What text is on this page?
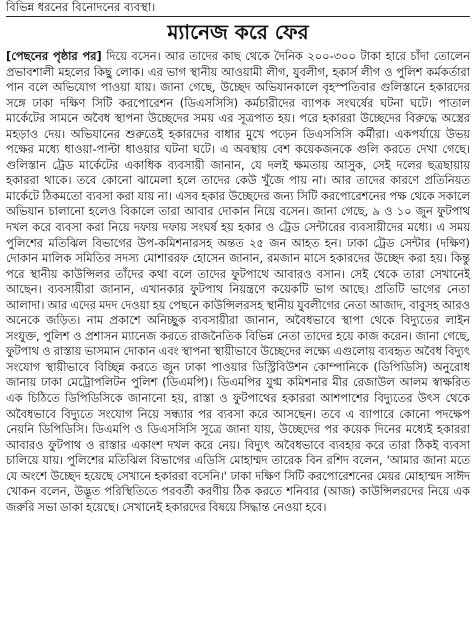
বিভিন্ন ধরনের বিনোদনের ব্যবস্থা।

ম্যানেজ করে ফের

[পেছনের পৃষ্ঠার পর] দিয়ে বসেন। আর তাদের কাছ থেকে দৈনিক ২০০-৩০০ টাকা হারে চাঁদা তোলেন প্রভাবশালী মহলের কিছু লোক। এর ভাগ স্থানীয় আওয়ামী লীগ, যুবলীগ, হকার্স লীগ ও পুলিশ কর্মকর্তারা পান বলে অভিযোগ পাওয়া যায়। জানা গেছে, উচ্ছেদ অভিযানকালে বৃহস্পতিবার গুলিস্তানে হকারদের সঙ্গে ঢাকা দক্ষিণ সিটি করপোরেশন (ডিএসসিসি) কর্মচারীদের ব্যাপক সংঘর্ষের ঘটনা ঘটে। পাতাল মার্কেটের সামনে অবৈধ স্থাপনা উচ্ছেদের সময় এর সূত্রপাত হয়। পরে হকাররা উচ্ছেদের বিরুদ্ধে অস্ত্রের মহড়াও দেয়। অভিযানের শুরুতেই হকারদের বাধার মুখে পড়েন ডিএসসিসি কর্মীরা। একপর্যায়ে উভয় পক্ষের মধ্যে ধাওয়া-পাল্টা ধাওয়ার ঘটনা ঘটে। এ অবস্থায় বেশ কয়েকজনকে গুলি করতে দেখা গেছে। গুলিস্তান ট্রেড মার্কেটের একাধিক ব্যবসায়ী জানান, যে দলই ক্ষমতায় আসুক, সেই দলের ছত্রছায়ায় হকাররা থাকে। তবে কোনো ঝামেলা হলে তাদের কেউ খুঁজে পায় না। আর তাদের কারণে প্রতিনিয়ত মার্কেটে ঠিকমতো ব্যবসা করা যায় না। এসব হকার উচ্ছেদের জন্য সিটি করপোরেশনের পক্ষ থেকে সকালে অভিযান চালানো হলেও বিকালে তারা আবার দোকান নিয়ে বসেন। জানা গেছে, ৯ ও ১০ জুন ফুটপাথ দখল করে ব্যবসা করা নিয়ে দফায় দফায় সংঘর্ষ হয় হকার ও ট্রেড সেন্টারের ব্যবসায়ীদের মধ্যে। এ সময় পুলিশের মতিঝিল বিভাগের উপ-কমিশনারসহ অন্তত ২৫ জন আহত হন। ঢাকা ট্রেড সেন্টার (দক্ষিণ) দোকান মালিক সমিতির সদস্য মোশাররফ হোসেন জানান, রমজান মাসে হকারদের উচ্ছেদ করা হয়। কিন্তু পরে স্থানীয় কাউন্সিলর তাঁদের কথা বলে তাদের ফুটপাথে আবারও বসান। সেই থেকে তারা সেখানেই আছেন। ব্যবসায়ীরা জানান, এখানকার ফুটপাথ নিয়ন্ত্রণে কয়েকটি ভাগ আছে। প্রতিটি ভাগের নেতা আলাদা। আর এদের মদদ দেওয়া হয় পেছনে কাউন্সিলরসহ স্থানীয় যুবলীগের নেতা আজাদ, বাবুসহ আরও অনেকে জড়িত। নাম প্রকাশে অনিচ্ছুক ব্যবসায়ীরা জানান, অবৈধভাবে স্থাপা থেকে বিদ্যুতের লাইন সংযুক্ত, পুলিশ ও প্রশাসন ম্যানেজ করতে রাজনৈতিক বিভিন্ন নেতা তাদের হয়ে কাজ করেন। জানা গেছে, ফুটপাথ ও রাস্তায় ভাসমান দোকান এবং স্থাপনা স্থায়ীভাবে উচ্ছেদের লক্ষ্যে এগুলোয় ব্যবহৃত অবৈধ বিদ্যুৎ সংযোগ স্থায়ীভাবে বিচ্ছিন্ন করতে জুন ঢাকা পাওয়ার ডিস্ট্রিবিউশন কোম্পানিকে (ডিপিডিসি) অনুরোধ জানায় ঢাকা মেট্রোপলিটন পুলিশ (ডিএমপি)। ডিএমপির যুগ্ম কমিশনার মীর রেজাউল আলম স্বাক্ষরিত এক চিঠিতে ডিপিডিসিকে জানানো হয়, রাস্তা ও ফুটপাথের হকাররা আশপাশের বিদ্যুতের উৎস থেকে অবৈধভাবে বিদ্যুতে সংযোগ নিয়ে সন্ধ্যার পর ব্যবসা করে আসছেন। তবে এ ব্যাপারে কোনো পদক্ষেপ নেয়নি ডিপিডিসি। ডিএমপি ও ডিএসসিসি সূত্রে জানা যায়, উচ্ছেদের পর কয়েক দিনের মধ্যেই হকাররা আবারও ফুটপাথ ও রাস্তার একাংশ দখল করে নেয়। বিদ্যুৎ অবৈধভাবে ব্যবহার করে তারা ঠিকই ব্যবসা চালিয়ে যায়। পুলিশের মতিঝিল বিভাগের এডিসি মোহাম্মদ তারেক বিন রশিদ বলেন, 'আমার জানা মতে যে অংশে উচ্ছেদ হয়েছে সেখানে হকাররা বসেনি।' ঢাকা দক্ষিণ সিটি করপোরেশনের মেয়র মোহাম্মদ সাঈদ খোকন বলেন, উদ্ভূত পরিস্থিতিতে পরবর্তী করণীয় ঠিক করতে শনিবার (আজ) কাউন্সিলরদের নিয়ে এক জরুরি সভা ডাকা হয়েছে। সেখানেই হকারদের বিষয়ে সিদ্ধান্ত নেওয়া হবে।
